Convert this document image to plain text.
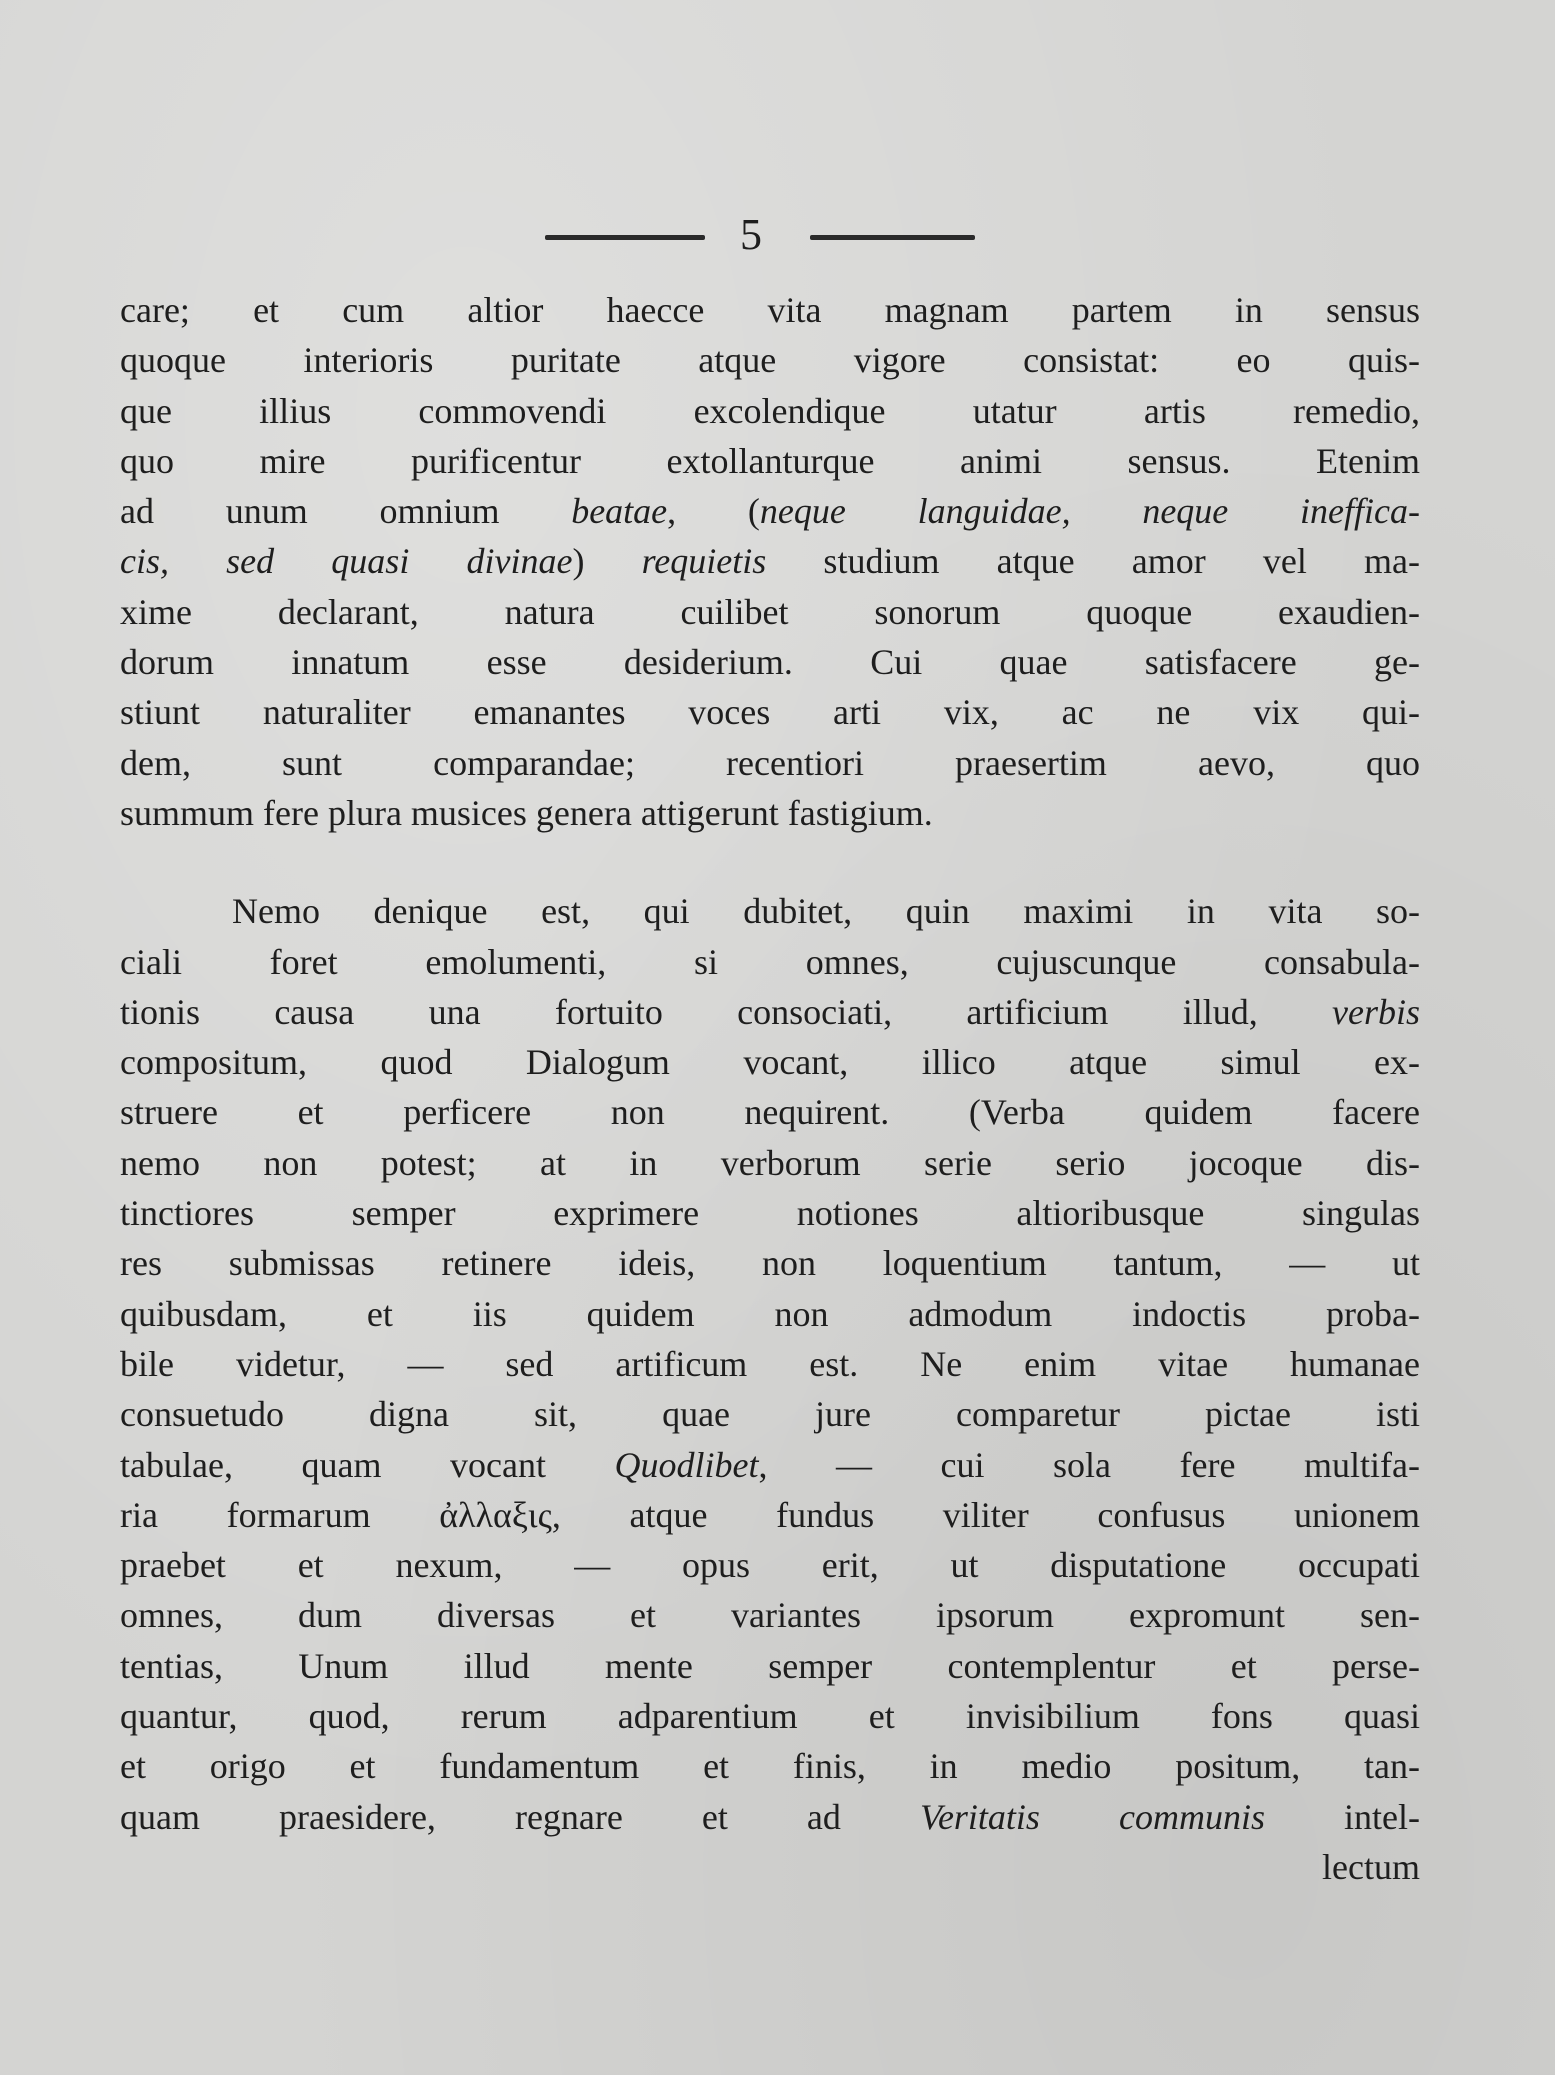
5
care; et cum altior haecce vita magnam partem in sensus
quoque interioris puritate atque vigore consistat: eo quis-
que illius commovendi excolendique utatur artis remedio,
quo mire purificentur extollanturque animi sensus. Etenim
ad unum omnium beatae, (neque languidae, neque inefficа-
cis, sed quasi divinae) requietis studium atque amor vel ma-
xime declarant, natura cuilibet sonorum quoque exaudien-
dorum innatum esse desiderium. Cui quae satisfacere ge-
stiunt naturaliter emanantes voces arti vix, ac ne vix qui-
dem, sunt comparandae; recentiori praesertim aevo, quo
summum fere plura musices genera attigerunt fastigium.
Nemo denique est, qui dubitet, quin maximi in vita so-
ciali foret emolumenti, si omnes, cujuscunque consabula-
tionis causa una fortuito consociati, artificium illud, verbis
compositum, quod Dialogum vocant, illico atque simul ex-
struere et perficere non nequirent. (Verba quidem facere
nemo non potest; at in verborum serie serio jocoque dis-
tinctiores semper exprimere notiones altioribusque singulas
res submissas retinere ideis, non loquentium tantum, — ut
quibusdam, et iis quidem non admodum indoctis proba-
bile videtur, — sed artificum est. Ne enim vitae humanae
consuetudo digna sit, quae jure comparetur pictae isti
tabulae, quam vocant Quodlibet, — cui sola fere multifa-
ria formarum ἀλλαξις, atque fundus viliter confusus unionem
praebet et nexum, — opus erit, ut disputatione occupati
omnes, dum diversas et variantes ipsorum expromunt sen-
tentias, Unum illud mente semper contemplentur et perse-
quantur, quod, rerum adparentium et invisibilium fons quasi
et origo et fundamentum et finis, in medio positum, tan-
quam praesidere, regnare et ad Veritatis communis intel-
lectum
